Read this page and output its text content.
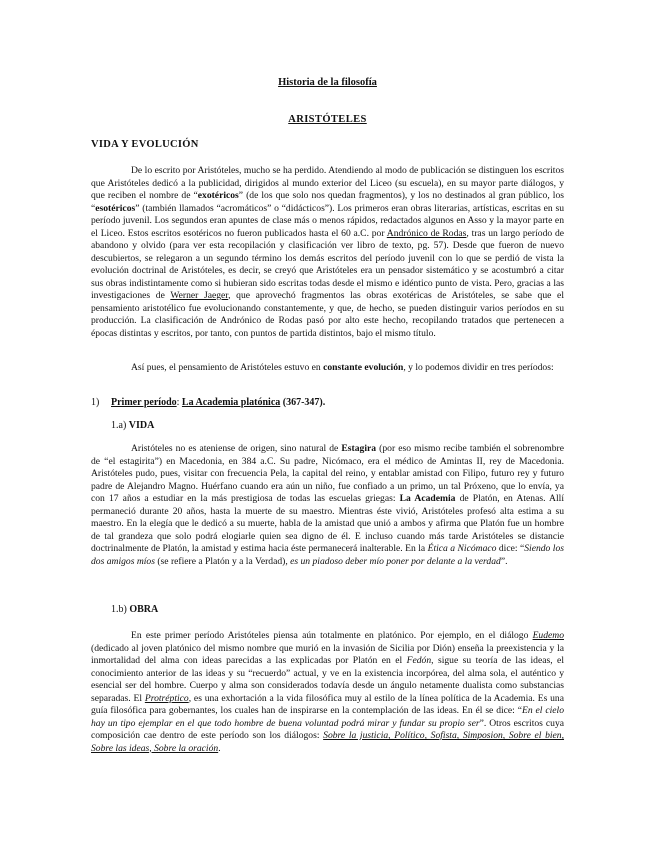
Historia de la filosofía
ARISTÓTELES
VIDA Y EVOLUCIÓN

De lo escrito por Aristóteles, mucho se ha perdido. Atendiendo al modo de publicación se distinguen los escritos que Aristóteles dedicó a la publicidad, dirigidos al mundo exterior del Liceo (su escuela), en su mayor parte diálogos, y que reciben el nombre de “exotéricos” (de los que solo nos quedan fragmentos), y los no destinados al gran público, los “esotéricos” (también llamados “acromáticos” o “didácticos”). Los primeros eran obras literarias, artísticas, escritas en su período juvenil. Los segundos eran apuntes de clase más o menos rápidos, redactados algunos en Asso y la mayor parte en el Liceo. Estos escritos esotéricos no fueron publicados hasta el 60 a.C. por Andrónico de Rodas, tras un largo período de abandono y olvido (para ver esta recopilación y clasificación ver libro de texto, pg. 57). Desde que fueron de nuevo descubiertos, se relegaron a un segundo término los demás escritos del período juvenil con lo que se perdió de vista la evolución doctrinal de Aristóteles, es decir, se creyó que Aristóteles era un pensador sistemático y se acostumbró a citar sus obras indistintamente como si hubieran sido escritas todas desde el mismo e idéntico punto de vista. Pero, gracias a las investigaciones de Werner Jaeger, que aprovechó fragmentos las obras exotéricas de Aristóteles, se sabe que el pensamiento aristotélico fue evolucionando constantemente, y que, de hecho, se pueden distinguir varios períodos en su producción. La clasificación de Andrónico de Rodas pasó por alto este hecho, recopilando tratados que pertenecen a épocas distintas y escritos, por tanto, con puntos de partida distintos, bajo el mismo título.

Así pues, el pensamiento de Aristóteles estuvo en constante evolución, y lo podemos dividir en tres períodos:

1) Primer período: La Academia platónica (367-347).
1.a) VIDA

Aristóteles no es ateniense de origen, sino natural de Estagira (por eso mismo recibe también el sobrenombre de “el estagirita”) en Macedonia, en 384 a.C. Su padre, Nicómaco, era el médico de Amintas II, rey de Macedonia. Aristóteles pudo, pues, visitar con frecuencia Pela, la capital del reino, y entablar amistad con Filipo, futuro rey y futuro padre de Alejandro Magno. Huérfano cuando era aún un niño, fue confiado a un primo, un tal Próxeno, que lo envía, ya con 17 años a estudiar en la más prestigiosa de todas las escuelas griegas: La Academia de Platón, en Atenas. Allí permaneció durante 20 años, hasta la muerte de su maestro. Mientras éste vivió, Aristóteles profesó alta estima a su maestro. En la elegía que le dedicó a su muerte, habla de la amistad que unió a ambos y afirma que Platón fue un hombre de tal grandeza que solo podrá elogiarle quien sea digno de él. E incluso cuando más tarde Aristóteles se distancie doctrinalmente de Platón, la amistad y estima hacia éste permanecerá inalterable. En la Ética a Nicómaco dice: “Siendo los dos amigos míos (se refiere a Platón y a la Verdad), es un piadoso deber mío poner por delante a la verdad”.

1.b) OBRA

En este primer período Aristóteles piensa aún totalmente en platónico. Por ejemplo, en el diálogo Eudemo (dedicado al joven platónico del mismo nombre que murió en la invasión de Sicilia por Dión) enseña la preexistencia y la inmortalidad del alma con ideas parecidas a las explicadas por Platón en el Fedón, sigue su teoría de las ideas, el conocimiento anterior de las ideas y su “recuerdo” actual, y ve en la existencia incorpórea, del alma sola, el auténtico y esencial ser del hombre. Cuerpo y alma son considerados todavía desde un ángulo netamente dualista como substancias separadas. El Protréptico, es una exhortación a la vida filosófica muy al estilo de la línea política de la Academia. Es una guía filosófica para gobernantes, los cuales han de inspirarse en la contemplación de las ideas. En él se dice: “En el cielo hay un tipo ejemplar en el que todo hombre de buena voluntad podrá mirar y fundar su propio ser”. Otros escritos cuya composición cae dentro de este período son los diálogos: Sobre la justicia, Político, Sofista, Simposion, Sobre el bien, Sobre las ideas, Sobre la oración.
